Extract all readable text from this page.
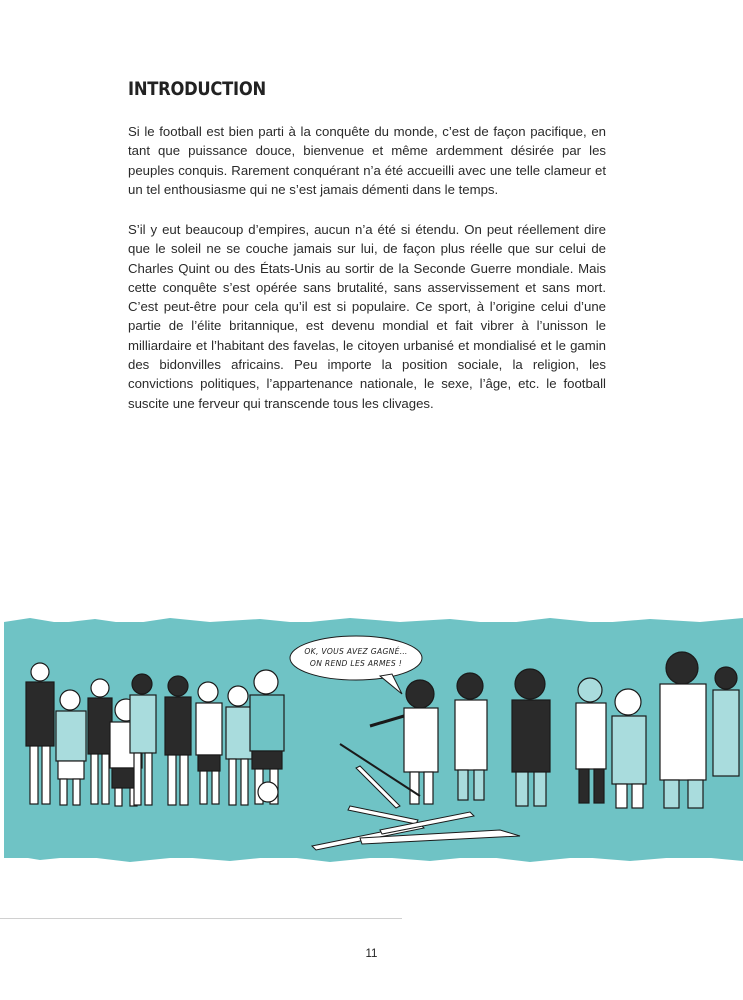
INTRODUCTION

Si le football est bien parti à la conquête du monde, c’est de façon pacifique, en tant que puissance douce, bienvenue et même ardemment désirée par les peuples conquis. Rarement conquérant n’a été accueilli avec une telle clameur et un tel enthousiasme qui ne s’est jamais démenti dans le temps.

S’il y eut beaucoup d’empires, aucun n’a été si étendu. On peut réellement dire que le soleil ne se couche jamais sur lui, de façon plus réelle que sur celui de Charles Quint ou des États-Unis au sortir de la Seconde Guerre mondiale. Mais cette conquête s’est opérée sans brutalité, sans asservissement et sans mort. C’est peut-être pour cela qu’il est si populaire. Ce sport, à l’origine celui d’une partie de l’élite britannique, est devenu mondial et fait vibrer à l’unisson le milliardaire et l’habitant des favelas, le citoyen urbanisé et mondialisé et le gamin des bidonvilles africains. Peu importe la position sociale, la religion, les convictions politiques, l’appartenance nationale, le sexe, l’âge, etc. le football suscite une ferveur qui transcende tous les clivages.

OK, VOUS AVEZ GAGNÉ…
ON REND LES ARMES !
11
